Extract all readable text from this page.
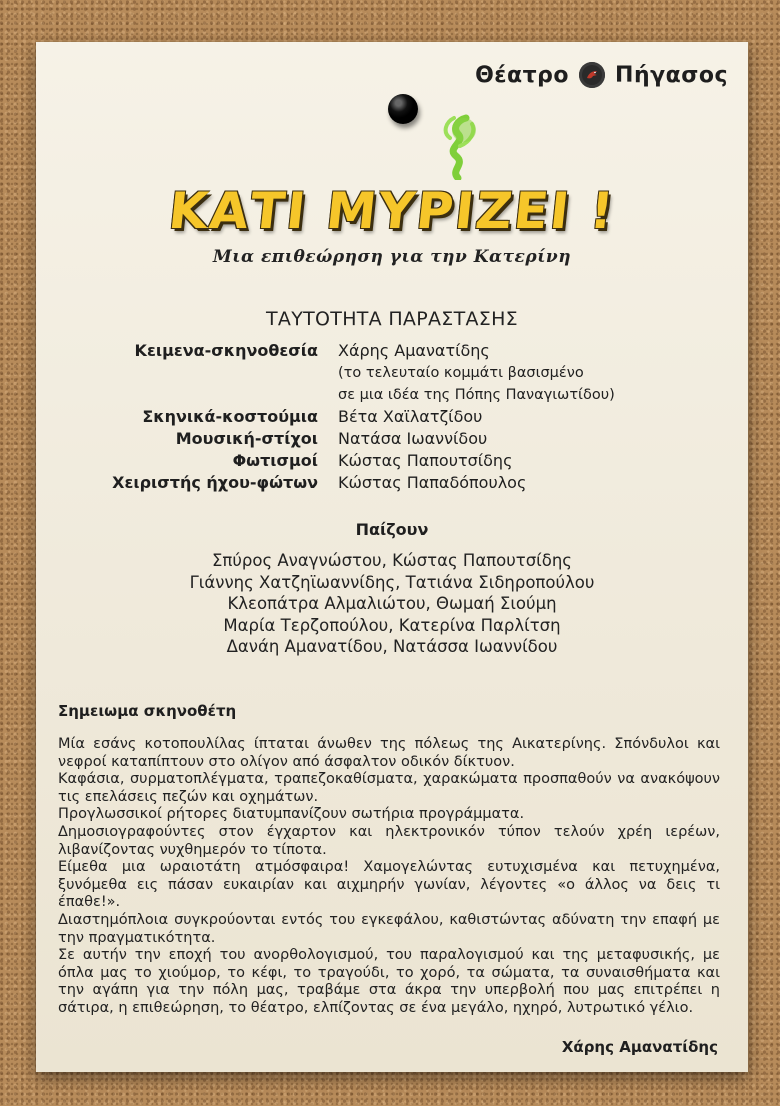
Θέατρο Πήγασος
ΚΑΤΙ ΜΥΡΙΖΕΙ !
Μια επιθεώρηση για την Κατερίνη
ΤΑΥΤΟΤΗΤΑ ΠΑΡΑΣΤΑΣΗΣ
Κειμενα-σκηνοθεσία	Χάρης Αμανατίδης
(το τελευταίο κομμάτι βασισμένο
σε μια ιδέα της Πόπης Παναγιωτίδου)
Σκηνικά-κοστούμια	Βέτα Χαϊλατζίδου
Μουσική-στίχοι	Νατάσα Ιωαννίδου
Φωτισμοί	Κώστας Παπουτσίδης
Χειριστής ήχου-φώτων	Κώστας Παπαδόπουλος
Παίζουν
Σπύρος Αναγνώστου, Κώστας Παπουτσίδης
Γιάννης Χατζηϊωαννίδης, Τατιάνα Σιδηροπούλου
Κλεοπάτρα Αλμαλιώτου, Θωμαή Σιούμη
Μαρία Τερζοπούλου, Κατερίνα Παρλίτση
Δανάη Αμανατίδου, Νατάσσα Ιωαννίδου
Σημειωμα σκηνοθέτη

Μία εσάνς κοτοπουλίλας ίπταται άνωθεν της πόλεως της Αικατερίνης. Σπόνδυλοι και νεφροί καταπίπτουν στο ολίγον από άσφαλτον οδικόν δίκτυον.

Καφάσια, συρματοπλέγματα, τραπεζοκαθίσματα, χαρακώματα προσπαθούν να ανακόψουν τις επελάσεις πεζών και οχημάτων.

Προγλωσσικοί ρήτορες διατυμπανίζουν σωτήρια προγράμματα.

Δημοσιογραφούντες στον έγχαρτον και ηλεκτρονικόν τύπον τελούν χρέη ιερέων, λιβανίζοντας νυχθημερόν το τίποτα.

Είμεθα μια ωραιοτάτη ατμόσφαιρα! Χαμογελώντας ευτυχισμένα και πετυχημένα, ξυνόμεθα εις πάσαν ευκαιρίαν και αιχμηρήν γωνίαν, λέγοντες «ο άλλος να δεις τι έπαθε!».

Διαστημόπλοια συγκρούονται εντός του εγκεφάλου, καθιστώντας αδύνατη την επαφή με την πραγματικότητα.

Σε αυτήν την εποχή του ανορθολογισμού, του παραλογισμού και της μεταφυσικής, με όπλα μας το χιούμορ, το κέφι, το τραγούδι, το χορό, τα σώματα, τα συναισθήματα και την αγάπη για την πόλη μας, τραβάμε στα άκρα την υπερβολή που μας επιτρέπει η σάτιρα, η επιθεώρηση, το θέατρο, ελπίζοντας σε ένα μεγάλο, ηχηρό, λυτρωτικό γέλιο.

Χάρης Αμανατίδης
